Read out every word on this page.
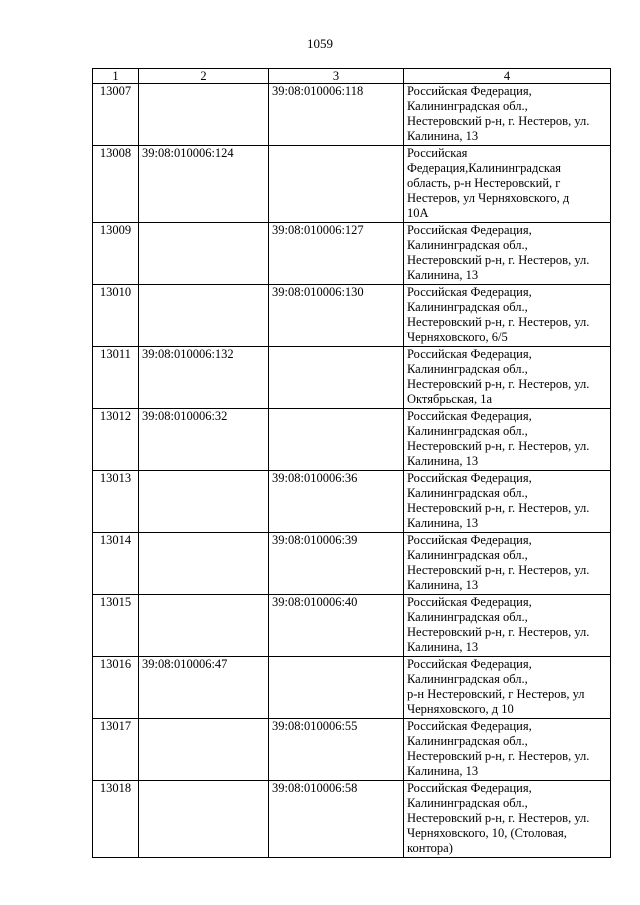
1059
1	2	3	4
13007		39:08:010006:118	Российская Федерация,
Калининградская обл.,
Нестеровский р-н, г. Нестеров, ул.
Калинина, 13

13008	39:08:010006:124		Российская
Федерация,Калининградская
область, р-н Нестеровский, г
Нестеров, ул Черняховского, д
10А

13009		39:08:010006:127	Российская Федерация,
Калининградская обл.,
Нестеровский р-н, г. Нестеров, ул.
Калинина, 13

13010		39:08:010006:130	Российская Федерация,
Калининградская обл.,
Нестеровский р-н, г. Нестеров, ул.
Черняховского, 6/5

13011	39:08:010006:132		Российская Федерация,
Калининградская обл.,
Нестеровский р-н, г. Нестеров, ул.
Октябрьская, 1а

13012	39:08:010006:32		Российская Федерация,
Калининградская обл.,
Нестеровский р-н, г. Нестеров, ул.
Калинина, 13

13013		39:08:010006:36	Российская Федерация,
Калининградская обл.,
Нестеровский р-н, г. Нестеров, ул.
Калинина, 13

13014		39:08:010006:39	Российская Федерация,
Калининградская обл.,
Нестеровский р-н, г. Нестеров, ул.
Калинина, 13

13015		39:08:010006:40	Российская Федерация,
Калининградская обл.,
Нестеровский р-н, г. Нестеров, ул.
Калинина, 13

13016	39:08:010006:47		Российская Федерация,
Калининградская обл.,
р-н Нестеровский, г Нестеров, ул
Черняховского, д 10

13017		39:08:010006:55	Российская Федерация,
Калининградская обл.,
Нестеровский р-н, г. Нестеров, ул.
Калинина, 13

13018		39:08:010006:58	Российская Федерация,
Калининградская обл.,
Нестеровский р-н, г. Нестеров, ул.
Черняховского, 10, (Столовая,
контора)
